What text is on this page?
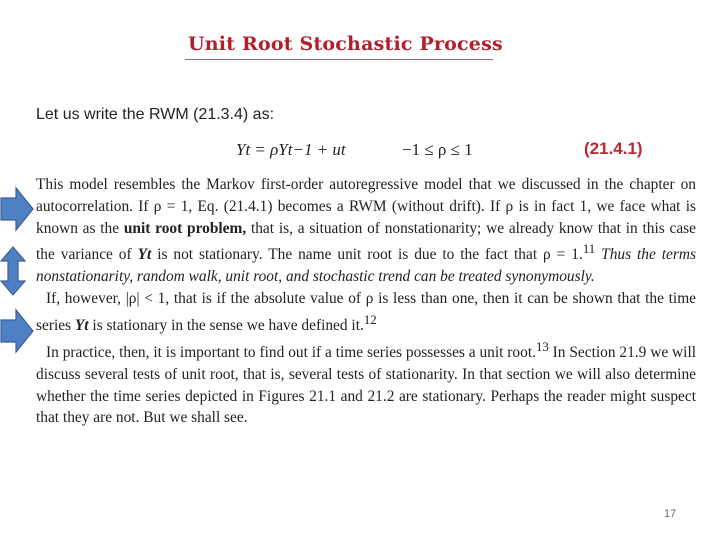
Unit Root Stochastic Process
Let us write the RWM (21.3.4) as:
Yt = ρYt−1 + ut	−1 ≤ ρ ≤ 1	(21.4.1)

This model resembles the Markov first-order autoregressive model that we discussed in the chapter on autocorrelation. If ρ = 1, Eq. (21.4.1) becomes a RWM (without drift). If ρ is in fact 1, we face what is known as the unit root problem, that is, a situation of nonstationarity; we already know that in this case the variance of Yt is not stationary. The name unit root is due to the fact that ρ = 1.11 Thus the terms nonstationarity, random walk, unit root, and stochastic trend can be treated synonymously.

If, however, |ρ| < 1, that is if the absolute value of ρ is less than one, then it can be shown that the time series Yt is stationary in the sense we have defined it.$^{12}$

In practice, then, it is important to find out if a time series possesses a unit root.$^{13}$ In Section 21.9 we will discuss several tests of unit root, that is, several tests of stationarity. In that section we will also determine whether the time series depicted in Figures 21.1 and 21.2 are stationary. Perhaps the reader might suspect that they are not. But we shall see.

17
